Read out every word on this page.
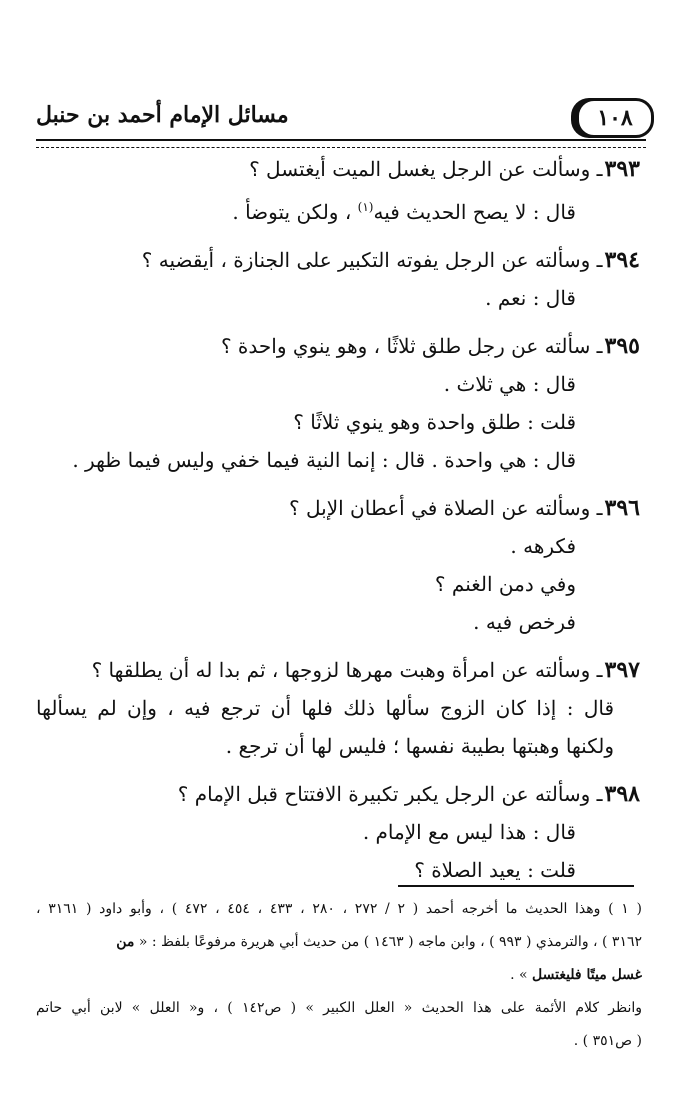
١٠٨
مسائل الإمام أحمد بن حنبل
٣٩٣
ـ وسألت عن الرجل يغسل الميت أيغتسل ؟
قال : لا يصح الحديث فيه$^{(١)}$ ، ولكن يتوضأ .
٣٩٤
ـ وسألته عن الرجل يفوته التكبير على الجنازة ، أيقضيه ؟
قال : نعم .
٣٩٥
ـ سألته عن رجل طلق ثلاثًا ، وهو ينوي واحدة ؟
قال : هي ثلاث .
قلت : طلق واحدة وهو ينوي ثلاثًا ؟
قال : هي واحدة . قال : إنما النية فيما خفي وليس فيما ظهر .
٣٩٦
ـ وسألته عن الصلاة في أعطان الإبل ؟
فكرهه .
وفي دمن الغنم ؟
فرخص فيه .
٣٩٧
ـ وسألته عن امرأة وهبت مهرها لزوجها ، ثم بدا له أن يطلقها ؟
قال : إذا كان الزوج سألها ذلك فلها أن ترجع فيه ، وإن لم يسألها
ولكنها وهبتها بطيبة نفسها ؛ فليس لها أن ترجع .
٣٩٨
ـ وسألته عن الرجل يكبر تكبيرة الافتتاح قبل الإمام ؟
قال : هذا ليس مع الإمام .
قلت : يعيد الصلاة ؟
( ١ ) وهذا الحديث ما أخرجه أحمد ( ٢ / ٢٧٢ ، ٢٨٠ ، ٤٣٣ ، ٤٥٤ ، ٤٧٢ ) ، وأبو داود ( ٣١٦١ ،
٣١٦٢ ) ، والترمذي ( ٩٩٣ ) ، وابن ماجه ( ١٤٦٣ ) من حديث أبي هريرة مرفوعًا بلفظ : « من
غسل ميتًا فليغتسل » .
وانظر كلام الأئمة على هذا الحديث « العلل الكبير » ( ص١٤٢ ) ، و« العلل » لابن أبي حاتم
( ص٣٥١ ) .
